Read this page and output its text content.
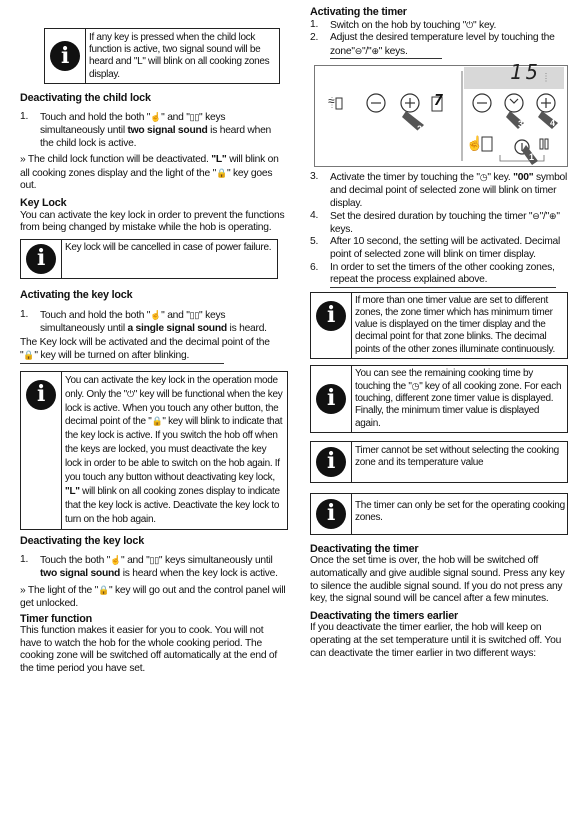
i
If any key is pressed when the child lock function is active, two signal sound will be heard and "L" will blink on all cooking zones display.
Deactivating the child lock
1.	Touch and hold the both "☝" and "▯▯" keys simultaneously until two signal sound is heard when the child lock is active.

» The child lock function will be deactivated. "L" will blink on all cooking zones display and the light of the "🔒" key goes out.

Key Lock

You can activate the key lock in order to prevent the functions from being changed by mistake while the hob is operating.

i	Key lock will be cancelled in case of power failure.
Activating the key lock
1.	Touch and hold the both "☝" and "▯▯" keys simultaneously until a single signal sound is heard.

The Key lock will be activated and the decimal point of the "🔒" key will be turned on after blinking.

i
You can activate the key lock in the operation mode only. Only the "⏻" key will be functional when the key lock is active. When you touch any other button, the decimal point of the "🔒" key will blink to indicate that the key lock is active. If you switch the hob off when the keys are locked, you must deactivate the key lock in order to be able to switch on the hob again. If you touch any button without deactivating key lock, "L" will blink on all cooking zones display to indicate that the key lock is active. Deactivate the key lock to turn on the hob again.
Deactivating the key lock
1.	Touch the both "☝" and "▯▯" keys simultaneously until two signal sound is heard when the key lock is active.

» The light of the "🔒" key will go out and the control panel will get unlocked.

Timer function

This function makes it easier for you to cook. You will not have to watch the hob for the whole cooking period. The cooking zone will be switched off automatically at the end of the time period you have set.

Activating the timer
1.	Switch on the hob by touching "⏻" key.
2.	Adjust the desired temperature level by touching the zone"⊖"/"⊕" keys.
15
7
2	3	4
1
☝
≈
3.	Activate the timer by touching the "◷" key. "00" symbol and decimal point of selected zone will blink on timer display.
4.	Set the desired duration by touching the timer "⊖"/"⊕" keys.
5.	After 10 second, the setting will be activated. Decimal point of selected zone will blink on timer display.
6.	In order to set the timers of the other cooking zones, repeat the process explained above.
i
If more than one timer value are set to different zones, the zone timer which has minimum timer value is displayed on the timer display and the decimal point for that zone blinks. The decimal points of the other zones illuminate continuously.
i
You can see the remaining cooking time by touching the "◷" key of all cooking zone. For each touching, different zone timer value is displayed. Finally, the minimum timer value is displayed again.
i	Timer cannot be set without selecting the cooking zone and its temperature value
i	The timer can only be set for the operating cooking zones.
Deactivating the timer

Once the set time is over, the hob will be switched off automatically and give audible signal sound. Press any key to silence the audible signal sound. If you do not press any key, the signal sound will be cancel after a few minutes.

Deactivating the timers earlier

If you deactivate the timer earlier, the hob will keep on operating at the set temperature until it is switched off. You can deactivate the timer earlier in two different ways:
